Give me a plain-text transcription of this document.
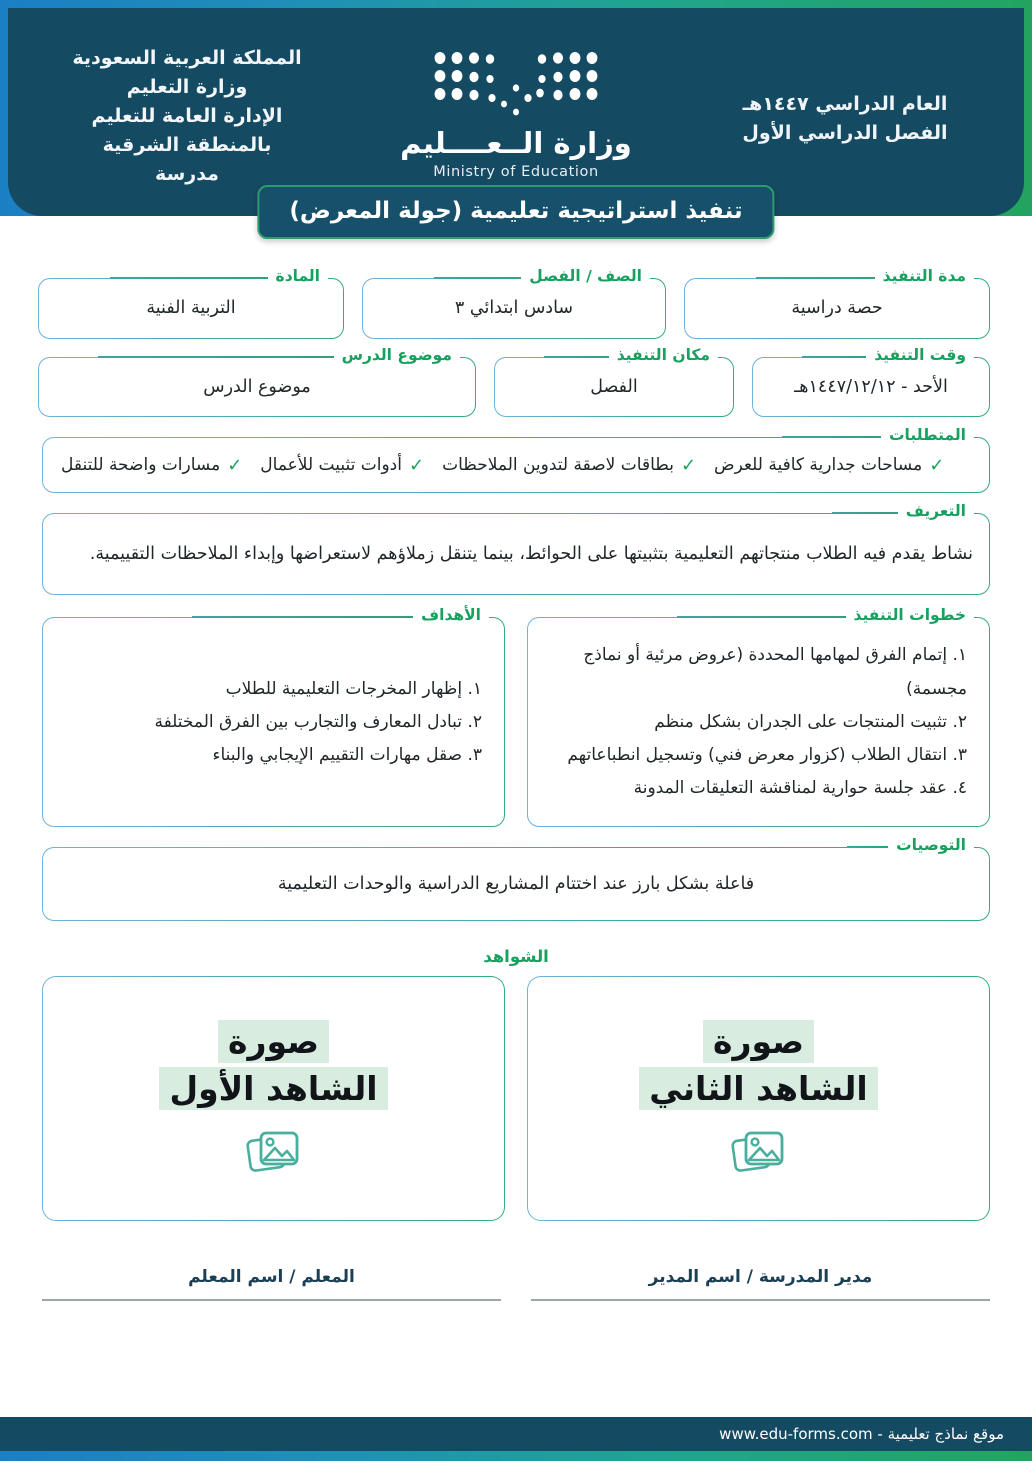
المملكة العربية السعودية
وزارة التعليم
الإدارة العامة للتعليم
بالمنطقة الشرقية
مدرسة
وزارة الــعــــليم
Ministry of Education
العام الدراسي ١٤٤٧هـ
الفصل الدراسي الأول
تنفيذ استراتيجية تعليمية (جولة المعرض)
مدة التنفيذ
حصة دراسية
الصف / الفصل
سادس ابتدائي ٣
المادة
التربية الفنية
وقت التنفيذ
الأحد - ١٤٤٧/١٢/١٢هـ
مكان التنفيذ
الفصل
موضوع الدرس
موضوع الدرس
المتطلبات
✓
مساحات جدارية كافية للعرض
✓
بطاقات لاصقة لتدوين الملاحظات
✓
أدوات تثبيت للأعمال
✓
مسارات واضحة للتنقل
التعريف
نشاط يقدم فيه الطلاب منتجاتهم التعليمية بتثبيتها على الحوائط، بينما يتنقل زملاؤهم لاستعراضها وإبداء الملاحظات التقييمية.
خطوات التنفيذ
١. إتمام الفرق لمهامها المحددة (عروض مرئية أو نماذج مجسمة)
٢. تثبيت المنتجات على الجدران بشكل منظم
٣. انتقال الطلاب (كزوار معرض فني) وتسجيل انطباعاتهم
٤. عقد جلسة حوارية لمناقشة التعليقات المدونة
الأهداف
١. إظهار المخرجات التعليمية للطلاب
٢. تبادل المعارف والتجارب بين الفرق المختلفة
٣. صقل مهارات التقييم الإيجابي والبناء
التوصيات
فاعلة بشكل بارز عند اختتام المشاريع الدراسية والوحدات التعليمية
الشواهد
صورة
الشاهد الثاني
صورة
الشاهد الأول
مدير المدرسة / اسم المدير
المعلم / اسم المعلم
موقع نماذج تعليمية - www.edu-forms.com
